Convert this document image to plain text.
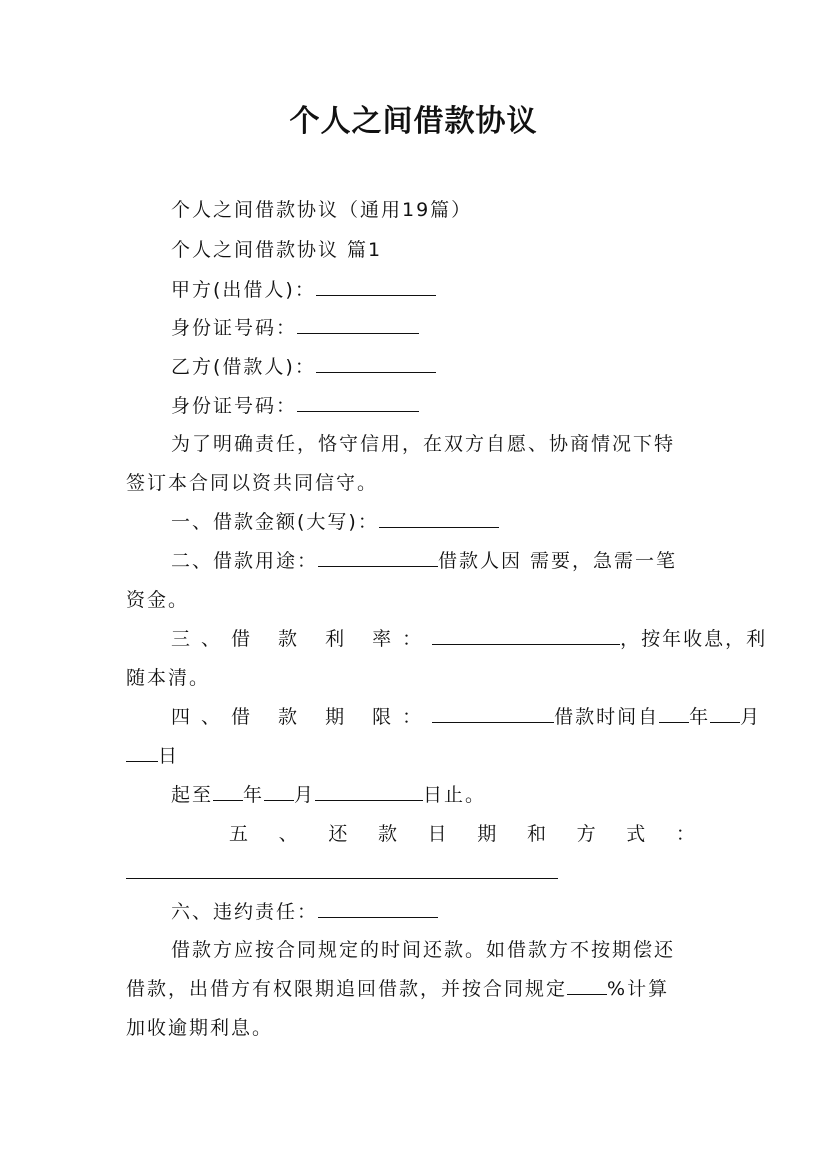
个人之间借款协议
个人之间借款协议（通用19篇）
个人之间借款协议 篇1
甲方(出借人)：
身份证号码：
乙方(借款人)：
身份证号码：
为了明确责任，恪守信用，在双方自愿、协商情况下特
签订本合同以资共同信守。
一、借款金额(大写)：
二、借款用途：	借款人因 需要，急需一笔
资金。
三、借 款 利 率：	，按年收息，利
随本清。
四、借 款 期 限：	借款时间自 年 月
日
起至 年 月	日止。
五 、 还 款 日 期 和 方 式 ：
六、违约责任：
借款方应按合同规定的时间还款。如借款方不按期偿还
借款，出借方有权限期追回借款，并按合同规定 %计算
加收逾期利息。
